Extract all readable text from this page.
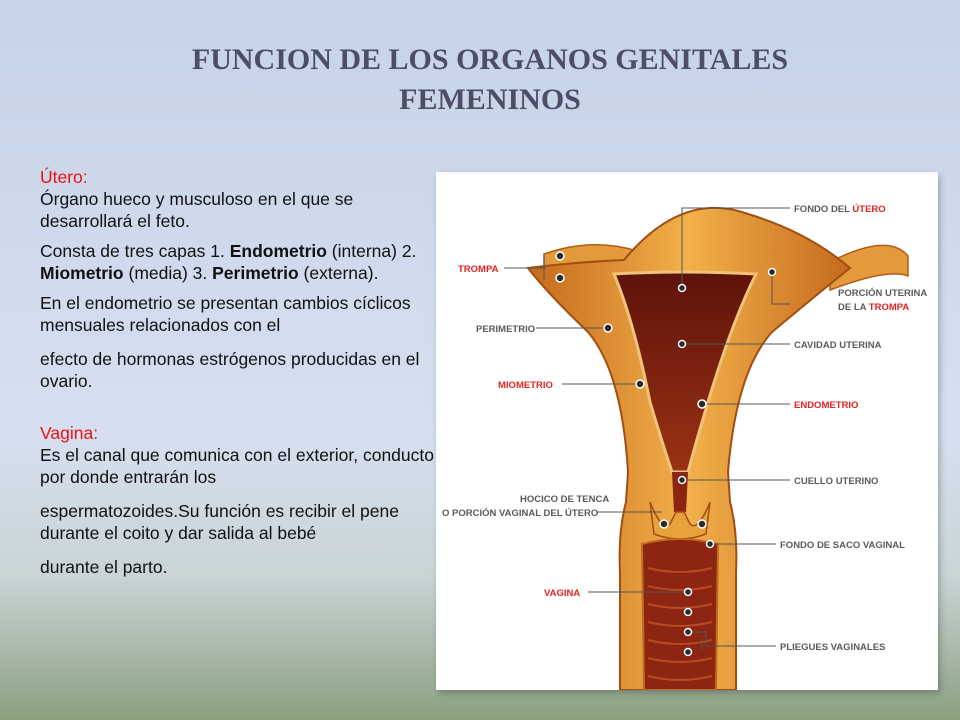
FUNCION DE LOS ORGANOS GENITALES
FEMENINOS

Útero:

Órgano hueco y musculoso en el que se desarrollará el feto.

Consta de tres capas 1. Endometrio (interna) 2. Miometrio (media) 3. Perimetrio (externa).

En el endometrio se presentan cambios cíclicos mensuales relacionados con el

efecto de hormonas estrógenos producidas en el ovario.

Vagina:

Es el canal que comunica con el exterior, conducto por donde entrarán los

espermatozoides.Su función es recibir el pene durante el coito y dar salida al bebé

durante el parto.

FONDO DEL ÚTERO
PORCIÓN UTERINA
DE LA TROMPA
CAVIDAD UTERINA
ENDOMETRIO
CUELLO UTERINO
FONDO DE SACO VAGINAL
PLIEGUES VAGINALES
TROMPA
PERIMETRIO
MIOMETRIO
HOCICO DE TENCA
O PORCIÓN VAGINAL DEL ÚTERO
VAGINA
